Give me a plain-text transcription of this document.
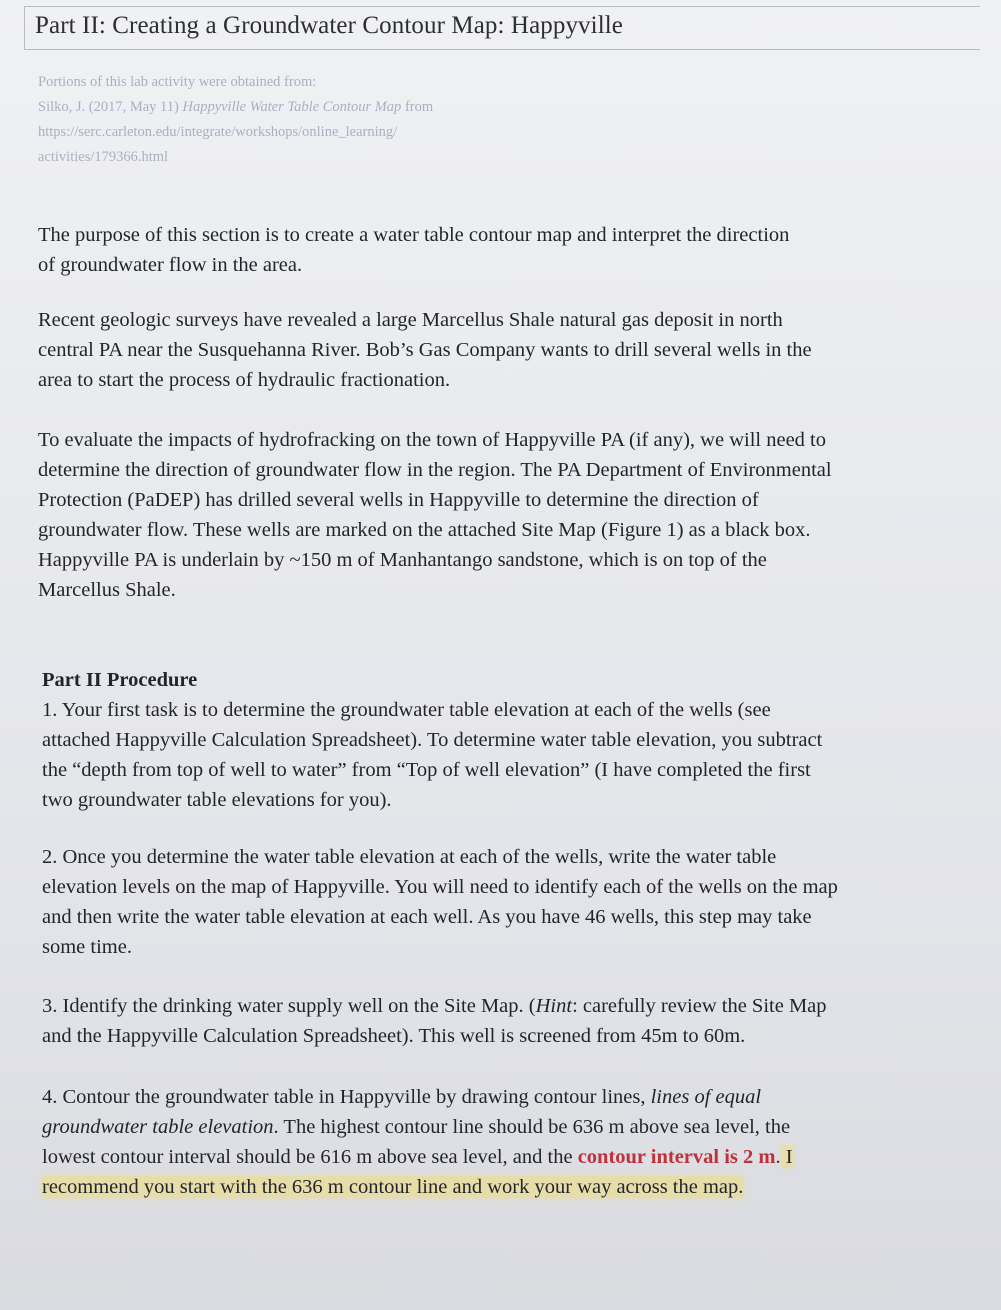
Part II: Creating a Groundwater Contour Map: Happyville
Portions of this lab activity were obtained from:
Silko, J. (2017, May 11) Happyville Water Table Contour Map from
https://serc.carleton.edu/integrate/workshops/online_learning/
activities/179366.html
The purpose of this section is to create a water table contour map and interpret the direction
of groundwater flow in the area.
Recent geologic surveys have revealed a large Marcellus Shale natural gas deposit in north
central PA near the Susquehanna River. Bob’s Gas Company wants to drill several wells in the
area to start the process of hydraulic fractionation.
To evaluate the impacts of hydrofracking on the town of Happyville PA (if any), we will need to
determine the direction of groundwater flow in the region. The PA Department of Environmental
Protection (PaDEP) has drilled several wells in Happyville to determine the direction of
groundwater flow. These wells are marked on the attached Site Map (Figure 1) as a black box.
Happyville PA is underlain by ~150 m of Manhantango sandstone, which is on top of the
Marcellus Shale.
Part II Procedure
1. Your first task is to determine the groundwater table elevation at each of the wells (see
attached Happyville Calculation Spreadsheet). To determine water table elevation, you subtract
the “depth from top of well to water” from “Top of well elevation” (I have completed the first
two groundwater table elevations for you).
2. Once you determine the water table elevation at each of the wells, write the water table
elevation levels on the map of Happyville. You will need to identify each of the wells on the map
and then write the water table elevation at each well. As you have 46 wells, this step may take
some time.
3. Identify the drinking water supply well on the Site Map. (Hint: carefully review the Site Map
and the Happyville Calculation Spreadsheet). This well is screened from 45m to 60m.
4. Contour the groundwater table in Happyville by drawing contour lines, lines of equal
groundwater table elevation. The highest contour line should be 636 m above sea level, the
lowest contour interval should be 616 m above sea level, and the contour interval is 2 m. I
recommend you start with the 636 m contour line and work your way across the map.
